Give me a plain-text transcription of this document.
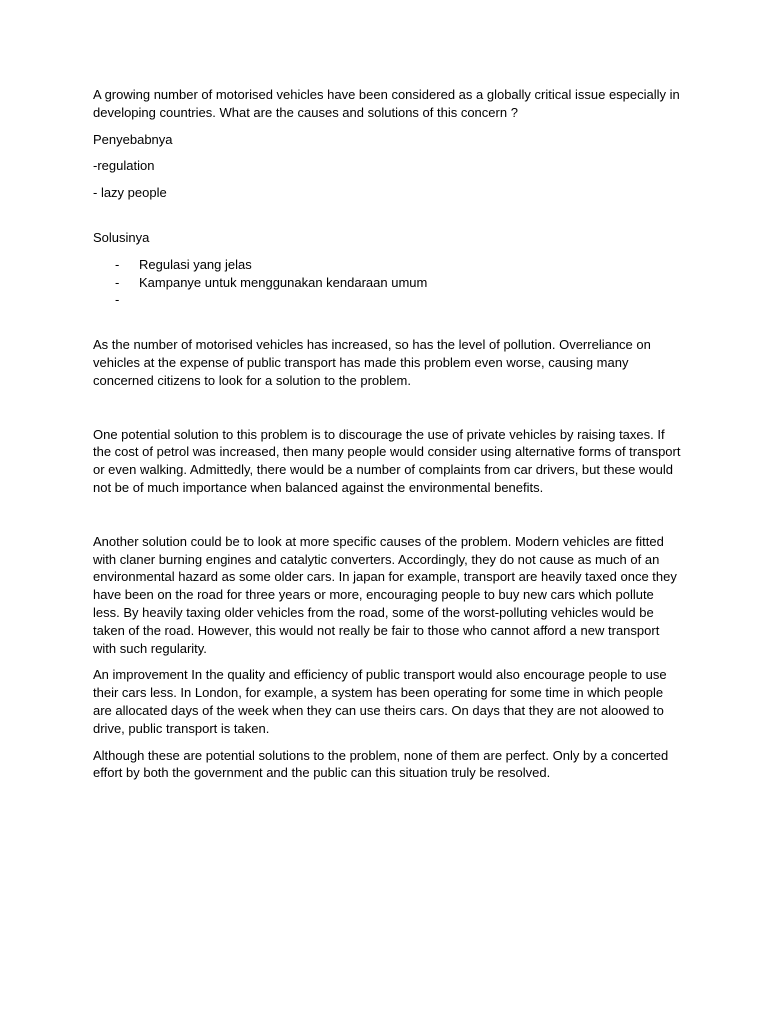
A growing number of motorised vehicles have been considered as a globally critical issue especially in developing countries. What are the causes and solutions of this concern ?

Penyebabnya

-regulation

- lazy people

Solusinya

- Regulasi yang jelas
- Kampanye untuk menggunakan kendaraan umum
-

As the number of motorised vehicles has increased, so has the level of pollution. Overreliance on vehicles at the expense of public transport has made this problem even worse, causing many concerned citizens to look for a solution to the problem.

One potential solution to this problem is to discourage the use of private vehicles by raising taxes. If the cost of petrol was increased, then many people would consider using alternative forms of transport or even walking. Admittedly, there would be a number of complaints from car drivers, but these would not be of much importance when balanced against the environmental benefits.

Another solution could be to look at more specific causes of the problem. Modern vehicles are fitted with claner burning engines and catalytic converters. Accordingly, they do not cause as much of an environmental hazard as some older cars. In japan for example, transport are heavily taxed once they have been on the road for three years or more, encouraging people to buy new cars which pollute less. By heavily taxing older vehicles from the road, some of the worst-polluting vehicles would be taken of the road. However, this would not really be fair to those who cannot afford a new transport with such regularity.

An improvement In the quality and efficiency of public transport would also encourage people to use their cars less. In London, for example, a system has been operating for some time in which people are allocated days of the week when they can use theirs cars. On days that they are not aloowed to drive, public transport is taken.

Although these are potential solutions to the problem, none of them are perfect. Only by a concerted effort by both the government and the public can this situation truly be resolved.
